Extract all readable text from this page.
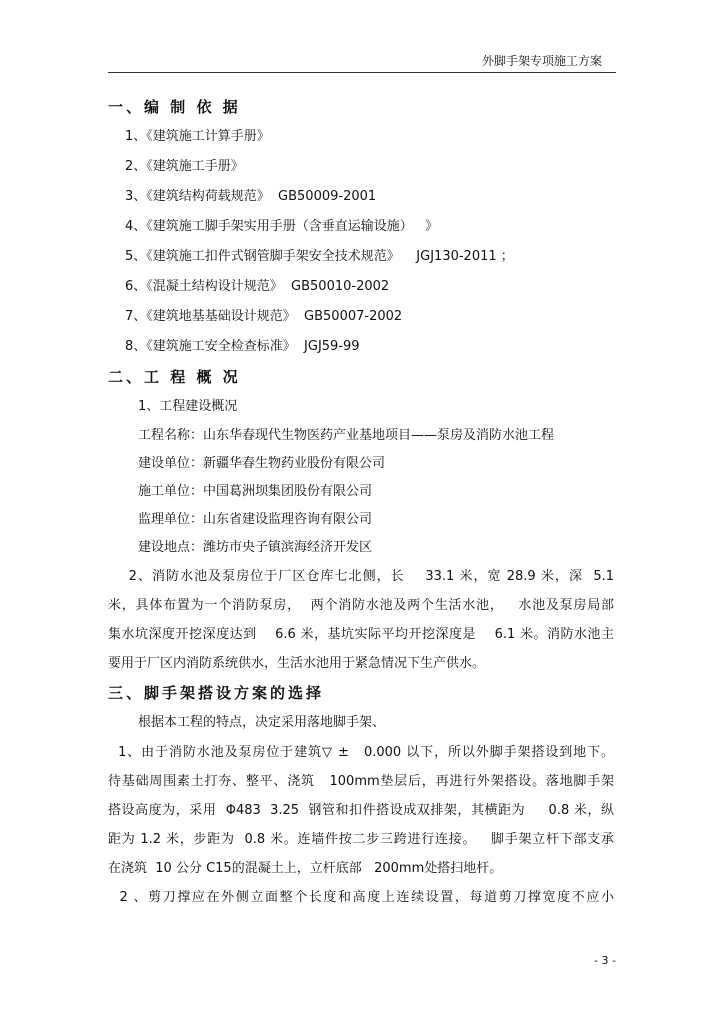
外脚手架专项施工方案
一、编 制 依 据
1、《建筑施工计算手册》
2、《建筑施工手册》
3、《建筑结构荷载规范》  GB50009-2001
4、《建筑施工脚手架实用手册（含垂直运输设施）   》
5、《建筑施工扣件式钢管脚手架安全技术规范》    JGJ130-2011 ；
6、《混凝土结构设计规范》  GB50010-2002
7、《建筑地基基础设计规范》  GB50007-2002
8、《建筑施工安全检查标准》  JGJ59-99
二、工 程 概 况
1、工程建设概况
工程名称：山东华春现代生物医药产业基地项目——泵房及消防水池工程
建设单位：新疆华春生物药业股份有限公司
施工单位：中国葛洲坝集团股份有限公司
监理单位：山东省建设监理咨询有限公司
建设地点：潍坊市央子镇滨海经济开发区

2、消防水池及泵房位于厂区仓库七北侧，长    33.1 米，宽 28.9 米，深  5.1
米，具体布置为一个消防泵房，  两个消防水池及两个生活水池，   水池及泵房局部
集水坑深度开挖深度达到    6.6 米，基坑实际平均开挖深度是    6.1 米。消防水池主
要用于厂区内消防系统供水，生活水池用于紧急情况下生产供水。

三、脚手架搭设方案的选择
根据本工程的特点，决定采用落地脚手架、

1、由于消防水池及泵房位于建筑▽ ±   0.000 以下，所以外脚手架搭设到地下。
待基础周围素土打夯、整平、浇筑   100mm垫层后，再进行外架搭设。落地脚手架
搭设高度为，采用  Φ483  3.25  钢管和扣件搭设成双排架，其横距为     0.8 米，纵
距为 1.2 米，步距为  0.8 米。连墙件按二步三跨进行连接。   脚手架立杆下部支承
在浇筑  10 公分 C15的混凝土上，立杆底部   200mm处搭扫地杆。

2 、剪刀撑应在外侧立面整个长度和高度上连续设置，每道剪刀撑宽度不应小

- 3 -
